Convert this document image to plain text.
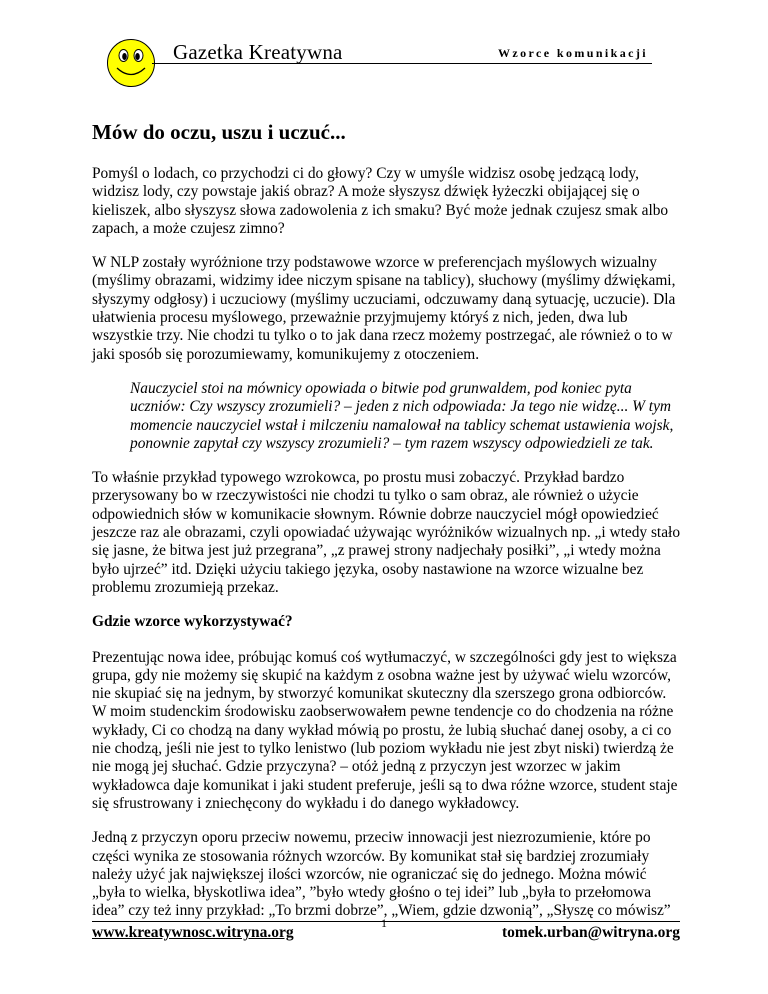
Gazetka Kreatywna	Wzorce komunikacji
Mów do oczu, uszu i uczuć...

Pomyśl o lodach, co przychodzi ci do głowy? Czy w umyśle widzisz osobę jedzącą lody, widzisz lody, czy powstaje jakiś obraz? A może słyszysz dźwięk łyżeczki obijającej się o kieliszek, albo słyszysz słowa zadowolenia z ich smaku? Być może jednak czujesz smak albo zapach, a może czujesz zimno?

W NLP zostały wyróżnione trzy podstawowe wzorce w preferencjach myślowych wizualny (myślimy obrazami, widzimy idee niczym spisane na tablicy), słuchowy (myślimy dźwiękami, słyszymy odgłosy) i uczuciowy (myślimy uczuciami, odczuwamy daną sytuację, uczucie). Dla ułatwienia procesu myślowego, przeważnie przyjmujemy któryś z nich, jeden, dwa lub wszystkie trzy. Nie chodzi tu tylko o to jak dana rzecz możemy postrzegać, ale również o to w jaki sposób się porozumiewamy, komunikujemy z otoczeniem.

Nauczyciel stoi na mównicy opowiada o bitwie pod grunwaldem, pod koniec pyta uczniów: Czy wszyscy zrozumieli? – jeden z nich odpowiada: Ja tego nie widzę... W tym momencie nauczyciel wstał i milczeniu namalował na tablicy schemat ustawienia wojsk, ponownie zapytał czy wszyscy zrozumieli? – tym razem wszyscy odpowiedzieli ze tak.

To właśnie przykład typowego wzrokowca, po prostu musi zobaczyć. Przykład bardzo przerysowany bo w rzeczywistości nie chodzi tu tylko o sam obraz, ale również o użycie odpowiednich słów w komunikacie słownym. Równie dobrze nauczyciel mógł opowiedzieć jeszcze raz ale obrazami, czyli opowiadać używając wyróżników wizualnych np. „i wtedy stało się jasne, że bitwa jest już przegrana”, „z prawej strony nadjechały posiłki”, „i wtedy można było ujrzeć” itd. Dzięki użyciu takiego języka, osoby nastawione na wzorce wizualne bez problemu zrozumieją przekaz.

Gdzie wzorce wykorzystywać?

Prezentując nowa idee, próbując komuś coś wytłumaczyć, w szczególności gdy jest to większa grupa, gdy nie możemy się skupić na każdym z osobna ważne jest by używać wielu wzorców, nie skupiać się na jednym, by stworzyć komunikat skuteczny dla szerszego grona odbiorców. W moim studenckim środowisku zaobserwowałem pewne tendencje co do chodzenia na różne wykłady, Ci co chodzą na dany wykład mówią po prostu, że lubią słuchać danej osoby, a ci co nie chodzą, jeśli nie jest to tylko lenistwo (lub poziom wykładu nie jest zbyt niski) twierdzą że nie mogą jej słuchać. Gdzie przyczyna? – otóż jedną z przyczyn jest wzorzec w jakim wykładowca daje komunikat i jaki student preferuje, jeśli są to dwa różne wzorce, student staje się sfrustrowany i zniechęcony do wykładu i do danego wykładowcy.

Jedną z przyczyn oporu przeciw nowemu, przeciw innowacji jest niezrozumienie, które po części wynika ze stosowania różnych wzorców. By komunikat stał się bardziej zrozumiały należy użyć jak największej ilości wzorców, nie ograniczać się do jednego. Można mówić „była to wielka, błyskotliwa idea”, ”było wtedy głośno o tej idei” lub „była to przełomowa idea” czy też inny przykład: „To brzmi dobrze”, „Wiem, gdzie dzwonią”, „Słyszę co mówisz”

www.kreatywnosc.witryna.org
1
tomek.urban@witryna.org
